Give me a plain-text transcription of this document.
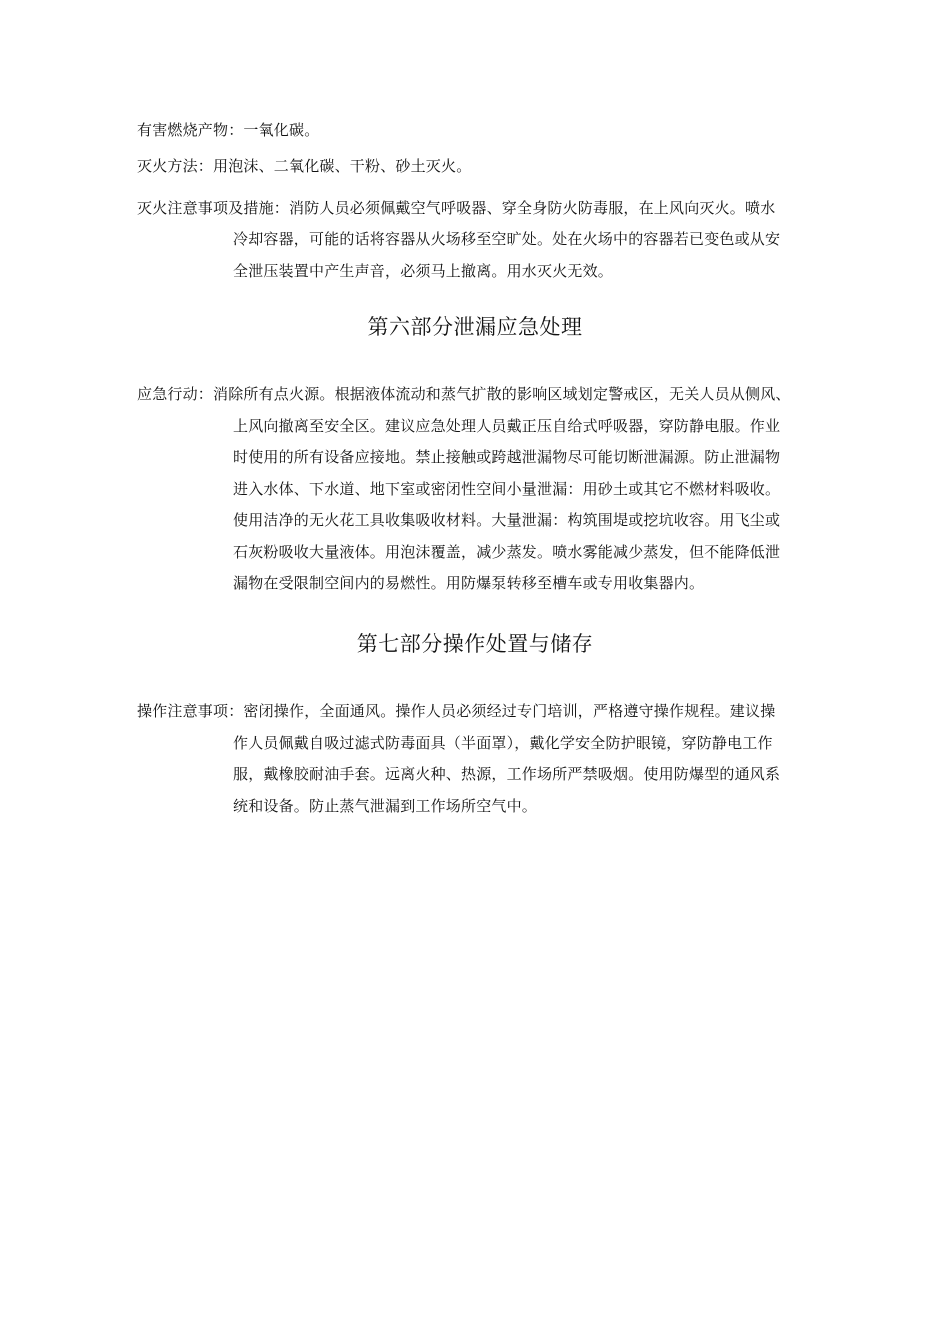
有害燃烧产物：一氧化碳。
灭火方法：用泡沫、二氧化碳、干粉、砂土灭火。
灭火注意事项及措施：消防人员必须佩戴空气呼吸器、穿全身防火防毒服，在上风向灭火。喷水
冷却容器，可能的话将容器从火场移至空旷处。处在火场中的容器若已变色或从安
全泄压装置中产生声音，必须马上撤离。用水灭火无效。
第六部分泄漏应急处理
应急行动：消除所有点火源。根据液体流动和蒸气扩散的影响区域划定警戒区，无关人员从侧风、
上风向撤离至安全区。建议应急处理人员戴正压自给式呼吸器，穿防静电服。作业
时使用的所有设备应接地。禁止接触或跨越泄漏物尽可能切断泄漏源。防止泄漏物
进入水体、下水道、地下室或密闭性空间小量泄漏：用砂土或其它不燃材料吸收。
使用洁净的无火花工具收集吸收材料。大量泄漏：构筑围堤或挖坑收容。用飞尘或
石灰粉吸收大量液体。用泡沫覆盖，减少蒸发。喷水雾能减少蒸发，但不能降低泄
漏物在受限制空间内的易燃性。用防爆泵转移至槽车或专用收集器内。
第七部分操作处置与储存
操作注意事项：密闭操作，全面通风。操作人员必须经过专门培训，严格遵守操作规程。建议操
作人员佩戴自吸过滤式防毒面具（半面罩），戴化学安全防护眼镜，穿防静电工作
服，戴橡胶耐油手套。远离火种、热源，工作场所严禁吸烟。使用防爆型的通风系
统和设备。防止蒸气泄漏到工作场所空气中。
